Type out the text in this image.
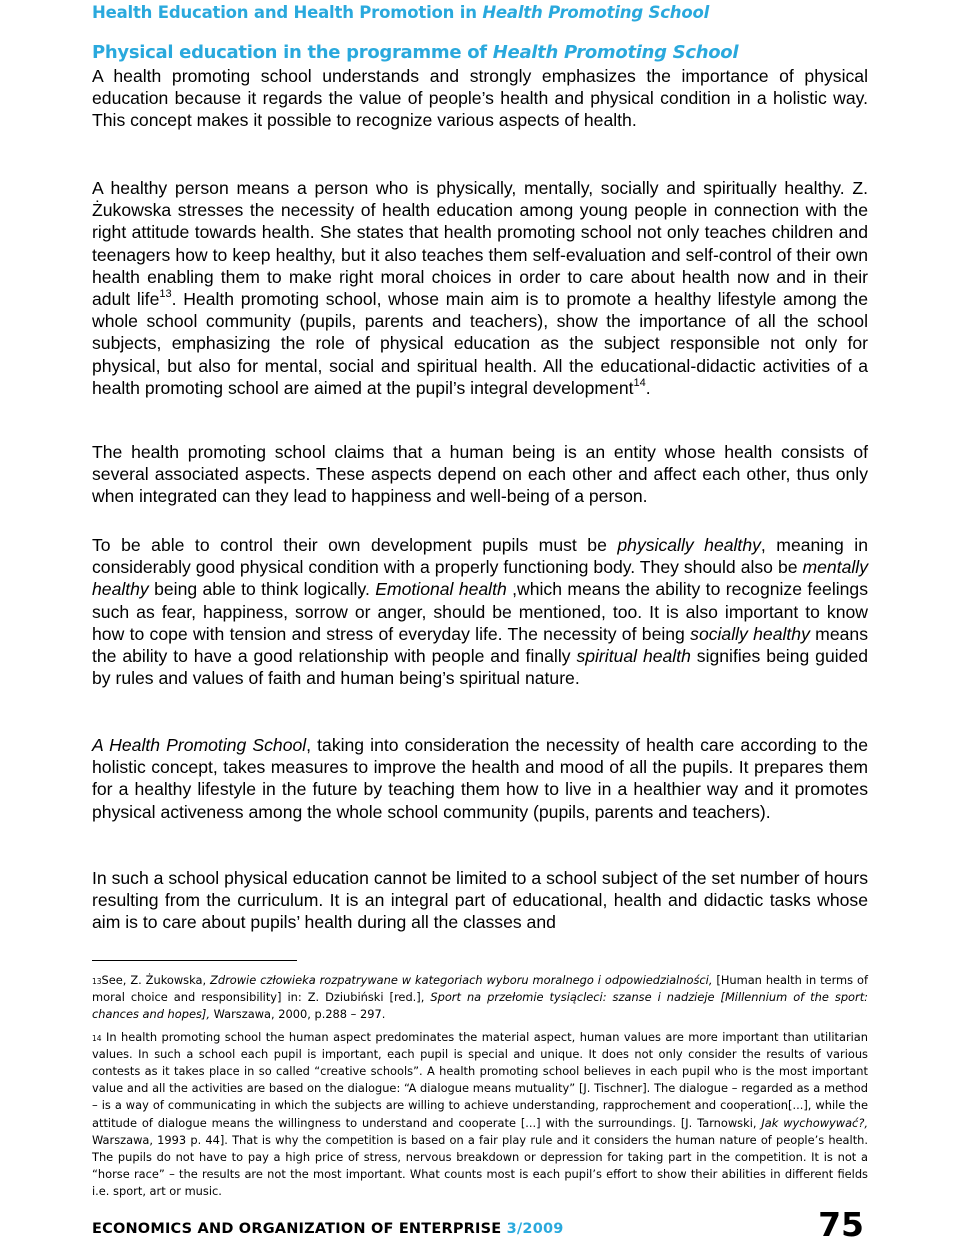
Health Education and Health Promotion in Health Promoting School
Physical education in the programme of Health Promoting School

A health promoting school understands and strongly emphasizes the importance of physical education because it regards the value of people’s health and physical condition in a holistic way. This concept makes it possible to recognize various aspects of health.

A healthy person means a person who is physically, mentally, socially and spiritually healthy. Z. Żukowska stresses the necessity of health education among young people in connection with the right attitude towards health. She states that health promoting school not only teaches children and teenagers how to keep healthy, but it also teaches them self-evaluation and self-control of their own health enabling them to make right moral choices in order to care about health now and in their adult life$^{13}$. Health promoting school, whose main aim is to promote a healthy lifestyle among the whole school community (pupils, parents and teachers), show the importance of all the school subjects, emphasizing the role of physical education as the subject responsible not only for physical, but also for mental, social and spiritual health. All the educational-didactic activities of a health promoting school are aimed at the pupil’s integral development$^{14}$.

The health promoting school claims that a human being is an entity whose health consists of several associated aspects. These aspects depend on each other and affect each other, thus only when integrated can they lead to happiness and well-being of a person.

To be able to control their own development pupils must be physically healthy, meaning in considerably good physical condition with a properly functioning body. They should also be mentally healthy being able to think logically. Emotional health ,which means the ability to recognize feelings such as fear, happiness, sorrow or anger, should be mentioned, too. It is also important to know how to cope with tension and stress of everyday life. The necessity of being socially healthy means the ability to have a good relationship with people and finally spiritual health signifies being guided by rules and values of faith and human being’s spiritual nature.

A Health Promoting School, taking into consideration the necessity of health care according to the holistic concept, takes measures to improve the health and mood of all the pupils. It prepares them for a healthy lifestyle in the future by teaching them how to live in a healthier way and it promotes physical activeness among the whole school community (pupils, parents and teachers).

In such a school physical education cannot be limited to a school subject of the set number of hours resulting from the curriculum. It is an integral part of educational, health and didactic tasks whose aim is to care about pupils’ health during all the classes and

$^{13}$See, Z. Żukowska, Zdrowie człowieka rozpatrywane w kategoriach wyboru moralnego i odpowiedzialności, [Human health in terms of moral choice and responsibility] in: Z. Dziubiński [red.], Sport na przełomie tysiącleci: szanse i nadzieje [Millennium of the sport: chances and hopes], Warszawa, 2000, p.288 – 297.

$^{14}$ In health promoting school the human aspect predominates the material aspect, human values are more important than utilitarian values. In such a school each pupil is important, each pupil is special and unique. It does not only consider the results of various contests as it takes place in so called “creative schools”. A health promoting school believes in each pupil who is the most important value and all the activities are based on the dialogue: “A dialogue means mutuality” [J. Tischner]. The dialogue – regarded as a method – is a way of communicating in which the subjects are willing to achieve understanding, rapprochement and cooperation[...], while the attitude of dialogue means the willingness to understand and cooperate [...] with the surroundings. [J. Tarnowski, Jak wychowywać?, Warszawa, 1993 p. 44]. That is why the competition is based on a fair play rule and it considers the human nature of people’s health. The pupils do not have to pay a high price of stress, nervous breakdown or depression for taking part in the competition. It is not a “horse race” – the results are not the most important. What counts most is each pupil’s effort to show their abilities in different fields i.e. sport, art or music.

ECONOMICS AND ORGANIZATION OF ENTERPRISE 3/2009	75
